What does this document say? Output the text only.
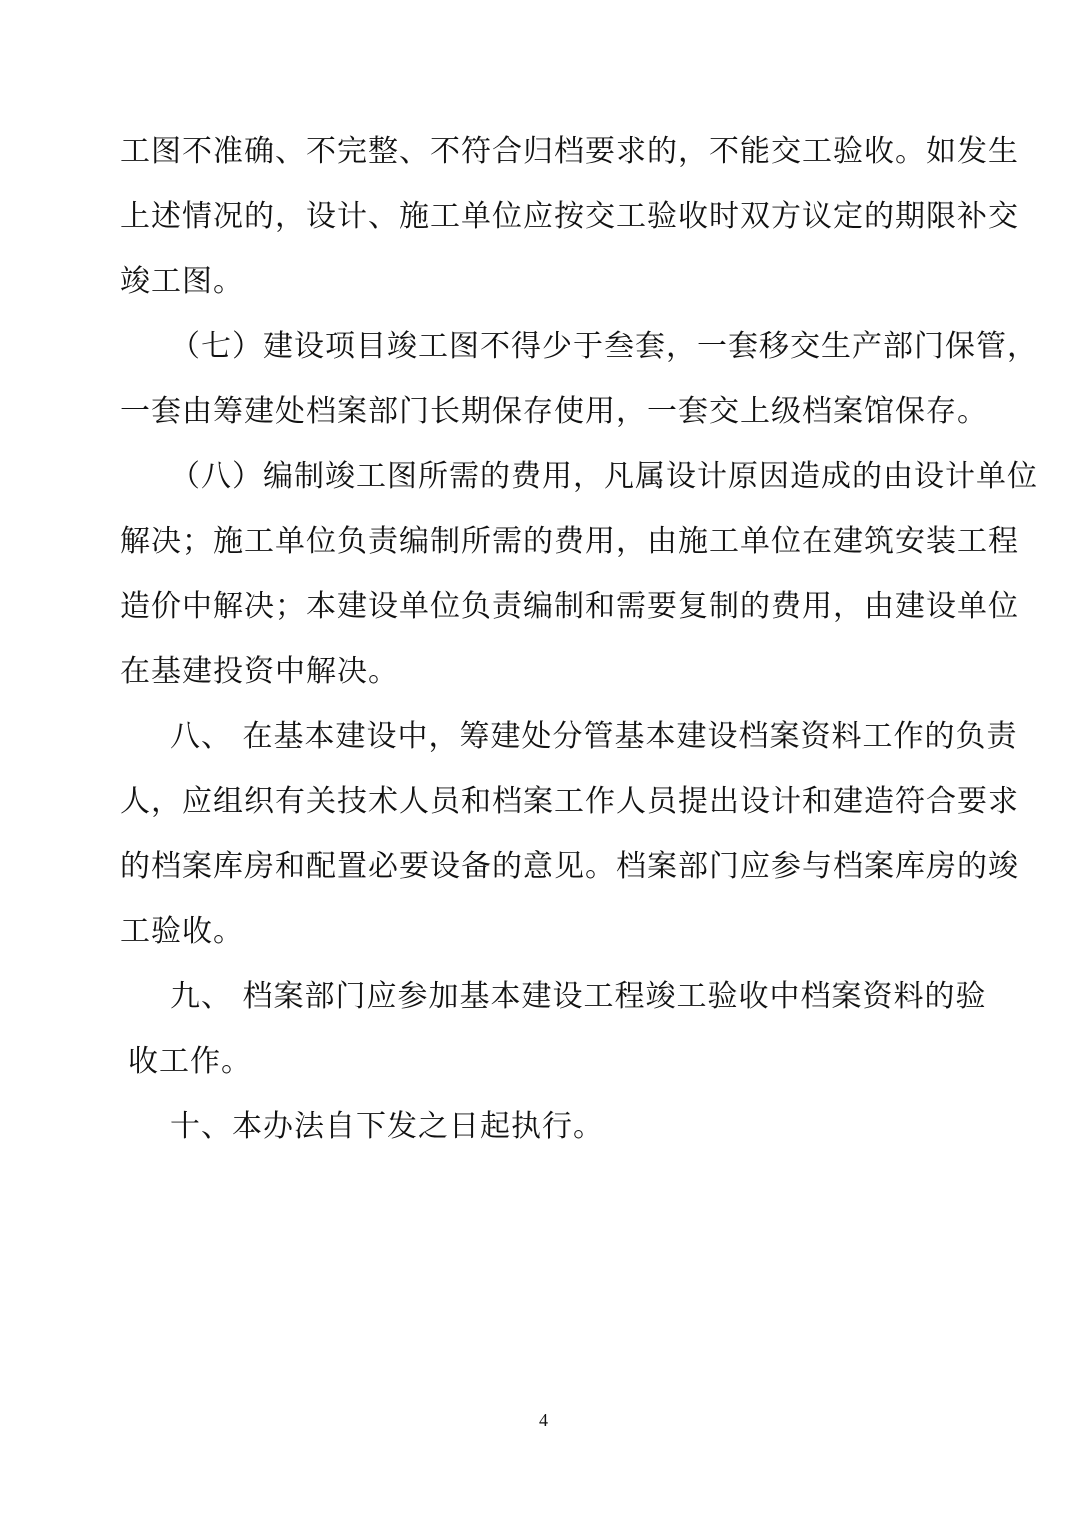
工图不准确、不完整、不符合归档要求的，不能交工验收。如发生
上述情况的，设计、施工单位应按交工验收时双方议定的期限补交
竣工图。
（七）建设项目竣工图不得少于叁套，一套移交生产部门保管，
一套由筹建处档案部门长期保存使用，一套交上级档案馆保存。
（八）编制竣工图所需的费用，凡属设计原因造成的由设计单位
解决；施工单位负责编制所需的费用，由施工单位在建筑安装工程
造价中解决；本建设单位负责编制和需要复制的费用，由建设单位
在基建投资中解决。
八、 在基本建设中，筹建处分管基本建设档案资料工作的负责
人，应组织有关技术人员和档案工作人员提出设计和建造符合要求
的档案库房和配置必要设备的意见。档案部门应参与档案库房的竣
工验收。
九、 档案部门应参加基本建设工程竣工验收中档案资料的验
收工作。
十、本办法自下发之日起执行。
4
